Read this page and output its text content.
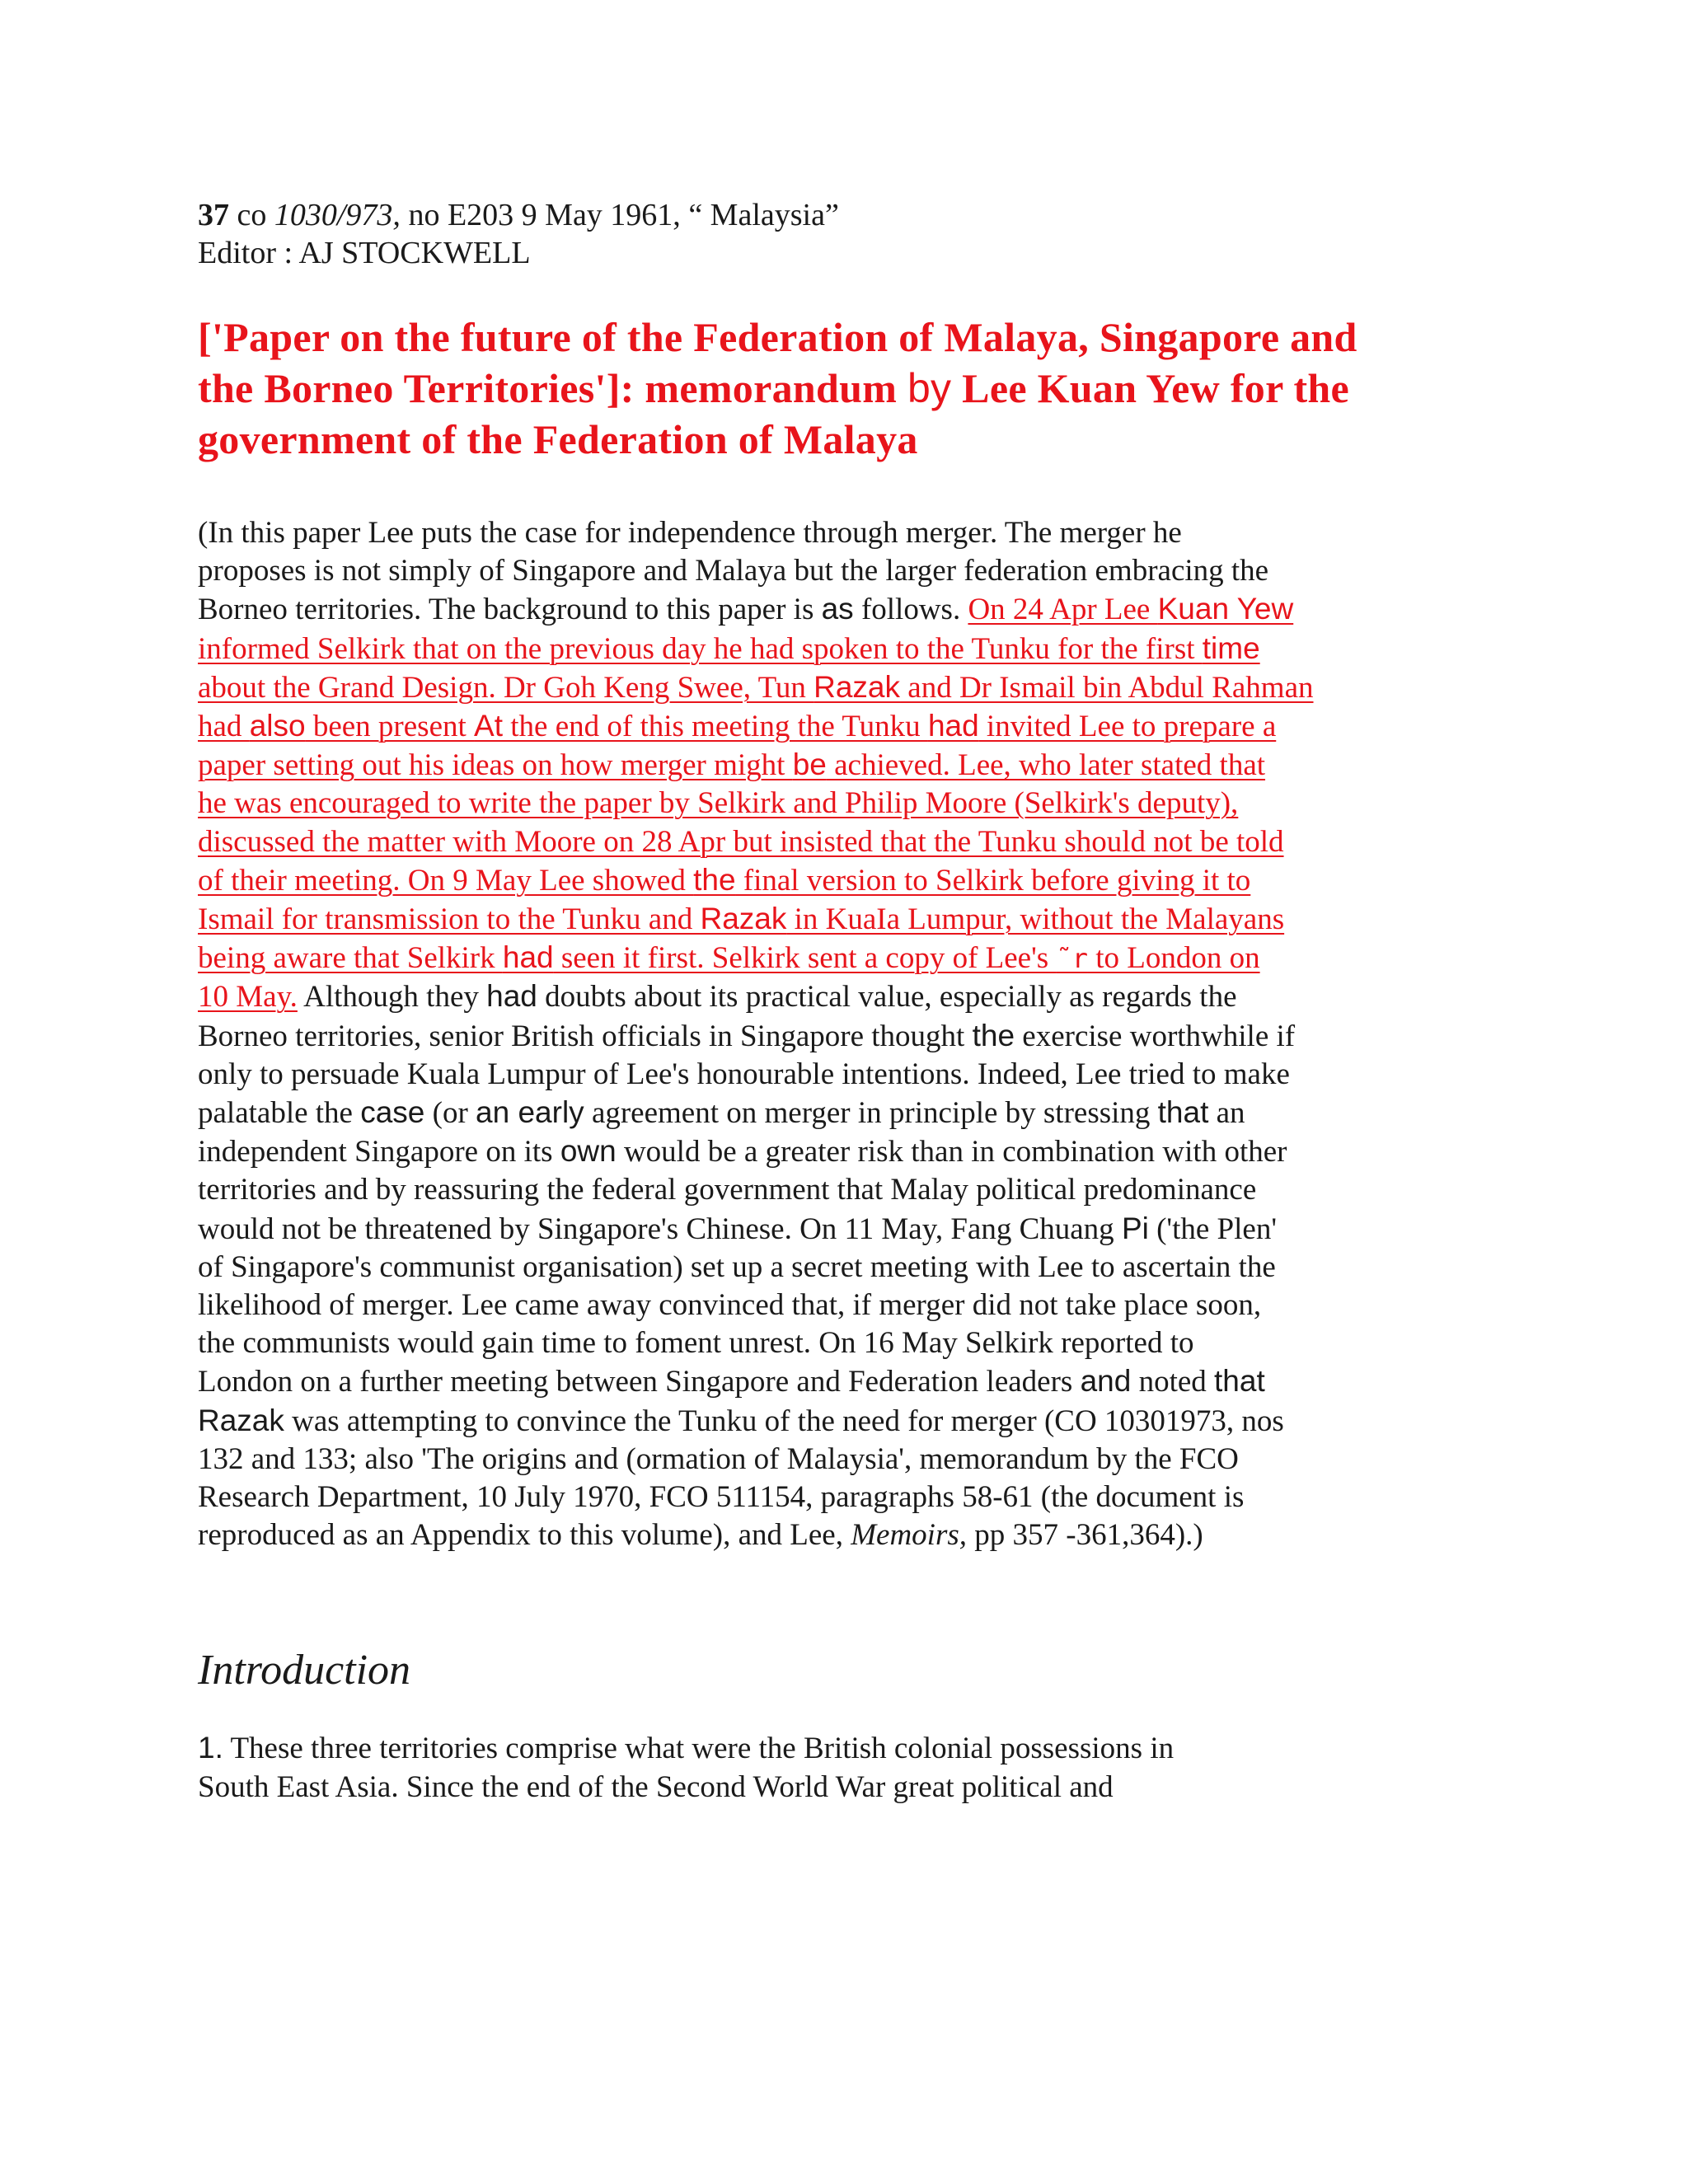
37 co 1030/973, no E203 9 May 1961, “ Malaysia”

Editor : AJ STOCKWELL

['Paper on the future of the Federation of Malaya, Singapore and
the Borneo Territories']: memorandum by Lee Kuan Yew for the
government of the Federation of Malaya
(In this paper Lee puts the case for independence through merger. The merger he
proposes is not simply of Singapore and Malaya but the larger federation embracing the
Borneo territories. The background to this paper is as follows. On 24 Apr Lee Kuan Yew
informed Selkirk that on the previous day he had spoken to the Tunku for the first time
about the Grand Design. Dr Goh Keng Swee, Tun Razak and Dr Ismail bin Abdul Rahman
had also been present At the end of this meeting the Tunku had invited Lee to prepare a
paper setting out his ideas on how merger might be achieved. Lee, who later stated that
he was encouraged to write the paper by Selkirk and Philip Moore (Selkirk's deputy),
discussed the matter with Moore on 28 Apr but insisted that the Tunku should not be told
of their meeting. On 9 May Lee showed the final version to Selkirk before giving it to
Ismail for transmission to the Tunku and Razak in KuaIa Lumpur, without the Malayans
being aware that Selkirk had seen it first. Selkirk sent a copy of Lee's ˜r to London on
10 May. Although they had doubts about its practical value, especially as regards the
Borneo territories, senior British officials in Singapore thought the exercise worthwhile if
only to persuade Kuala Lumpur of Lee's honourable intentions. Indeed, Lee tried to make
palatable the case (or an early agreement on merger in principle by stressing that an
independent Singapore on its own would be a greater risk than in combination with other
territories and by reassuring the federal government that Malay political predominance
would not be threatened by Singapore's Chinese. On 11 May, Fang Chuang Pi ('the Plen'
of Singapore's communist organisation) set up a secret meeting with Lee to ascertain the
likelihood of merger. Lee came away convinced that, if merger did not take place soon,
the communists would gain time to foment unrest. On 16 May Selkirk reported to
London on a further meeting between Singapore and Federation leaders and noted that
Razak was attempting to convince the Tunku of the need for merger (CO 10301973, nos
132 and 133; also 'The origins and (ormation of Malaysia', memorandum by the FCO
Research Department, 10 July 1970, FCO 511154, paragraphs 58-61 (the document is
reproduced as an Appendix to this volume), and Lee, Memoirs, pp 357 -361,364).)
Introduction
1. These three territories comprise what were the British colonial possessions in
South East Asia. Since the end of the Second World War great political and
